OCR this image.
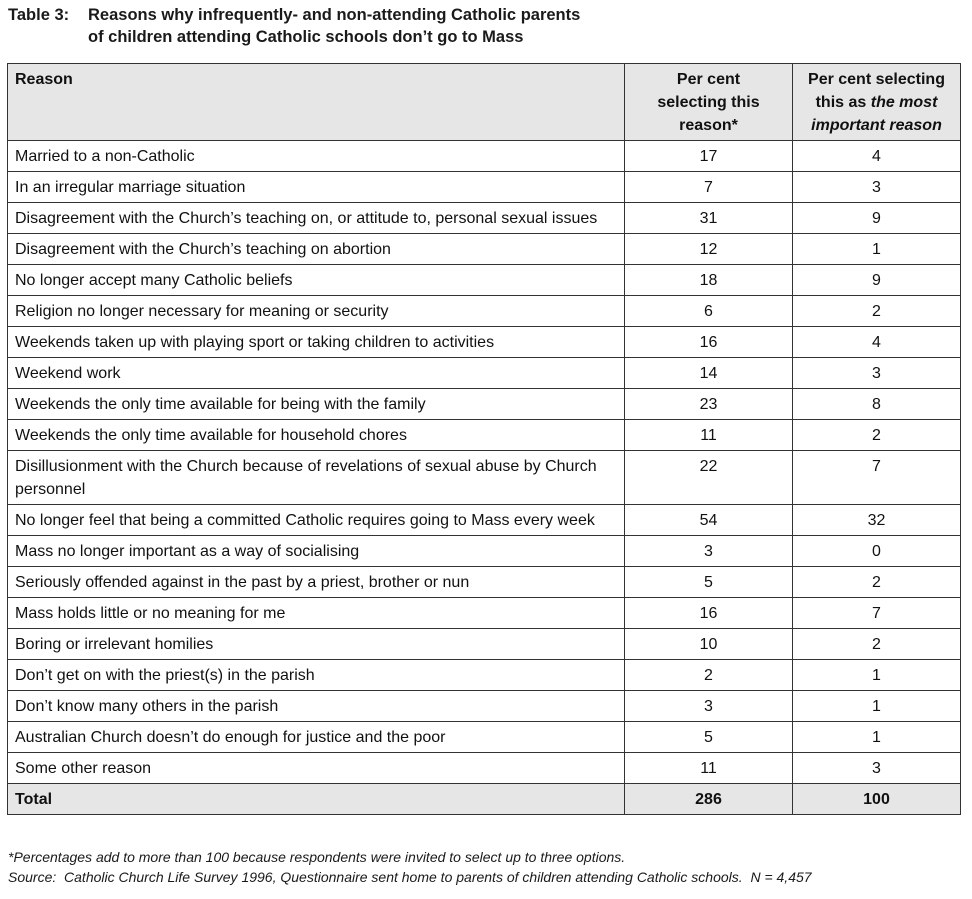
Table 3: Reasons why infrequently- and non-attending Catholic parents
of children attending Catholic schools don’t go to Mass
Reason	Per cent selecting this reason*	Per cent selecting this as the most important reason
Married to a non-Catholic	17	4
In an irregular marriage situation	7	3
Disagreement with the Church’s teaching on, or attitude to, personal sexual issues	31	9
Disagreement with the Church’s teaching on abortion	12	1
No longer accept many Catholic beliefs	18	9
Religion no longer necessary for meaning or security	6	2
Weekends taken up with playing sport or taking children to activities	16	4
Weekend work	14	3
Weekends the only time available for being with the family	23	8
Weekends the only time available for household chores	11	2
Disillusionment with the Church because of revelations of sexual abuse by Church personnel	22	7
No longer feel that being a committed Catholic requires going to Mass every week	54	32
Mass no longer important as a way of socialising	3	0
Seriously offended against in the past by a priest, brother or nun	5	2
Mass holds little or no meaning for me	16	7
Boring or irrelevant homilies	10	2
Don’t get on with the priest(s) in the parish	2	1
Don’t know many others in the parish	3	1
Australian Church doesn’t do enough for justice and the poor	5	1
Some other reason	11	3
Total	286	100
*Percentages add to more than 100 because respondents were invited to select up to three options.
Source: Catholic Church Life Survey 1996, Questionnaire sent home to parents of children attending Catholic schools. N = 4,457
